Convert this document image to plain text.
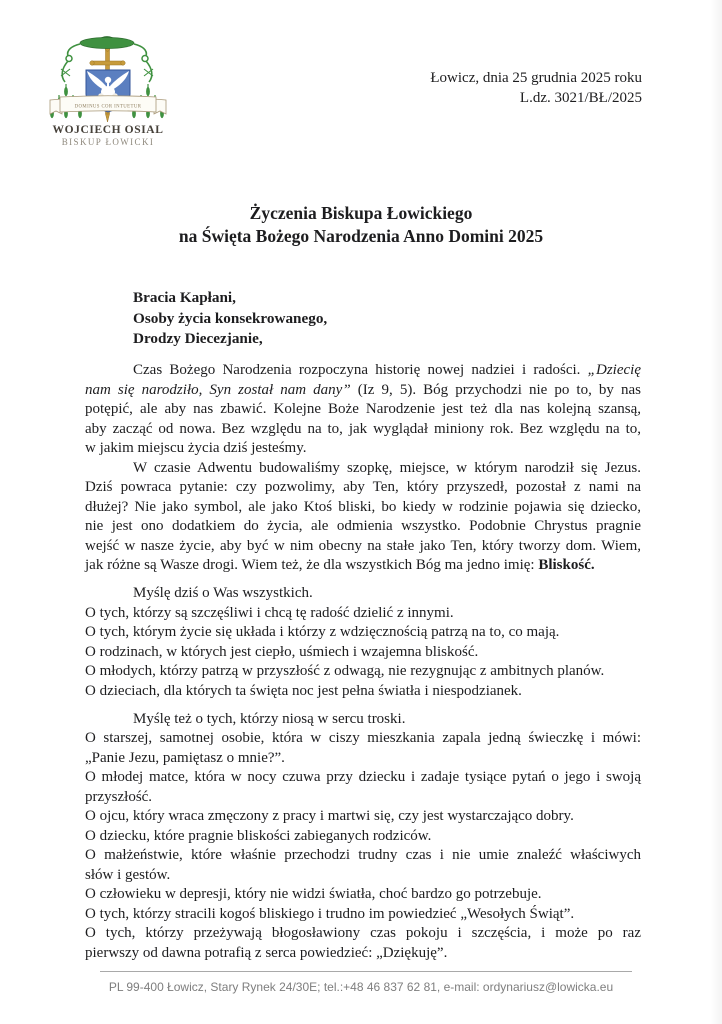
DOMINUS COR INTUETUR
WOJCIECH OSIAL
BISKUP ŁOWICKI
Łowicz, dnia 25 grudnia 2025 roku
L.dz. 3021/BŁ/2025
Życzenia Biskupa Łowickiego
na Święta Bożego Narodzenia Anno Domini 2025
Bracia Kapłani,
Osoby życia konsekrowanego,
Drodzy Diecezjanie,
Czas Bożego Narodzenia rozpoczyna historię nowej nadziei i radości. „Dziecię
nam się narodziło, Syn został nam dany” (Iz 9, 5). Bóg przychodzi nie po to, by nas
potępić, ale aby nas zbawić. Kolejne Boże Narodzenie jest też dla nas kolejną szansą,
aby zacząć od nowa. Bez względu na to, jak wyglądał miniony rok. Bez względu na to,
w jakim miejscu życia dziś jesteśmy.
W czasie Adwentu budowaliśmy szopkę, miejsce, w którym narodził się Jezus.
Dziś powraca pytanie: czy pozwolimy, aby Ten, który przyszedł, pozostał z nami na
dłużej? Nie jako symbol, ale jako Ktoś bliski, bo kiedy w rodzinie pojawia się dziecko,
nie jest ono dodatkiem do życia, ale odmienia wszystko. Podobnie Chrystus pragnie
wejść w nasze życie, aby być w nim obecny na stałe jako Ten, który tworzy dom. Wiem,
jak różne są Wasze drogi. Wiem też, że dla wszystkich Bóg ma jedno imię: Bliskość.
Myślę dziś o Was wszystkich.
O tych, którzy są szczęśliwi i chcą tę radość dzielić z innymi.
O tych, którym życie się układa i którzy z wdzięcznością patrzą na to, co mają.
O rodzinach, w których jest ciepło, uśmiech i wzajemna bliskość.
O młodych, którzy patrzą w przyszłość z odwagą, nie rezygnując z ambitnych planów.
O dzieciach, dla których ta święta noc jest pełna światła i niespodzianek.
Myślę też o tych, którzy niosą w sercu troski.
O starszej, samotnej osobie, która w ciszy mieszkania zapala jedną świeczkę i mówi:
„Panie Jezu, pamiętasz o mnie?”.
O młodej matce, która w nocy czuwa przy dziecku i zadaje tysiące pytań o jego i swoją
przyszłość.
O ojcu, który wraca zmęczony z pracy i martwi się, czy jest wystarczająco dobry.
O dziecku, które pragnie bliskości zabieganych rodziców.
O małżeństwie, które właśnie przechodzi trudny czas i nie umie znaleźć właściwych
słów i gestów.
O człowieku w depresji, który nie widzi światła, choć bardzo go potrzebuje.
O tych, którzy stracili kogoś bliskiego i trudno im powiedzieć „Wesołych Świąt”.
O tych, którzy przeżywają błogosławiony czas pokoju i szczęścia, i może po raz
pierwszy od dawna potrafią z serca powiedzieć: „Dziękuję”.
PL 99-400 Łowicz, Stary Rynek 24/30E; tel.:+48 46 837 62 81, e-mail: ordynariusz@lowicka.eu
